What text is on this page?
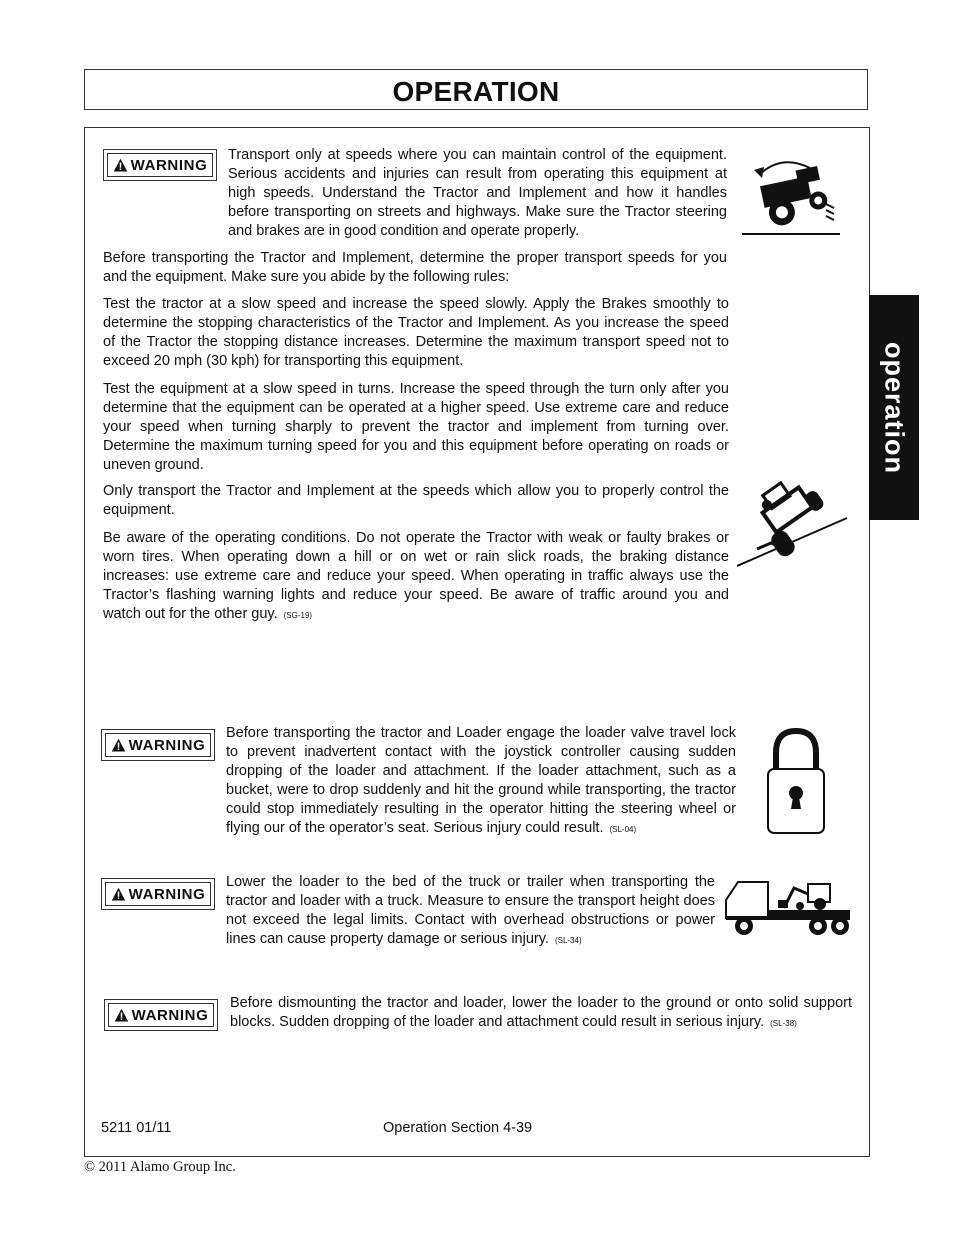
OPERATION
operation
WARNING

Transport only at speeds where you can maintain control of the equipment. Serious accidents and injuries can result from operating this equipment at high speeds. Understand the Tractor and Implement and how it handles before transporting on streets and highways. Make sure the Tractor steering and brakes are in good condition and operate properly.

Before transporting the Tractor and Implement, determine the proper transport speeds for you and the equipment. Make sure you abide by the following rules:

Test the tractor at a slow speed and increase the speed slowly. Apply the Brakes smoothly to determine the stopping characteristics of the Tractor and Implement. As you increase the speed of the Tractor the stopping distance increases. Determine the maximum transport speed not to exceed 20 mph (30 kph) for transporting this equipment.

Test the equipment at a slow speed in turns. Increase the speed through the turn only after you determine that the equipment can be operated at a higher speed. Use extreme care and reduce your speed when turning sharply to prevent the tractor and implement from turning over. Determine the maximum turning speed for you and this equipment before operating on roads or uneven ground.

Only transport the Tractor and Implement at the speeds which allow you to properly control the equipment.

Be aware of the operating conditions. Do not operate the Tractor with weak or faulty brakes or worn tires. When operating down a hill or on wet or rain slick roads, the braking distance increases: use extreme care and reduce your speed. When operating in traffic always use the Tractor’s flashing warning lights and reduce your speed. Be aware of traffic around you and watch out for the other guy. (SG-19)

WARNING

Before transporting the tractor and Loader engage the loader valve travel lock to prevent inadvertent contact with the joystick controller causing sudden dropping of the loader and attachment. If the loader attachment, such as a bucket, were to drop suddenly and hit the ground while transporting, the tractor could stop immediately resulting in the operator hitting the steering wheel or flying our of the operator’s seat. Serious injury could result. (SL-04)

WARNING

Lower the loader to the bed of the truck or trailer when transporting the tractor and loader with a truck. Measure to ensure the transport height does not exceed the legal limits. Contact with overhead obstructions or power lines can cause property damage or serious injury. (SL-34)

WARNING

Before dismounting the tractor and loader, lower the loader to the ground or onto solid support blocks. Sudden dropping of the loader and attachment could result in serious injury. (SL-38)

5211 01/11	Operation Section 4-39
© 2011 Alamo Group Inc.
